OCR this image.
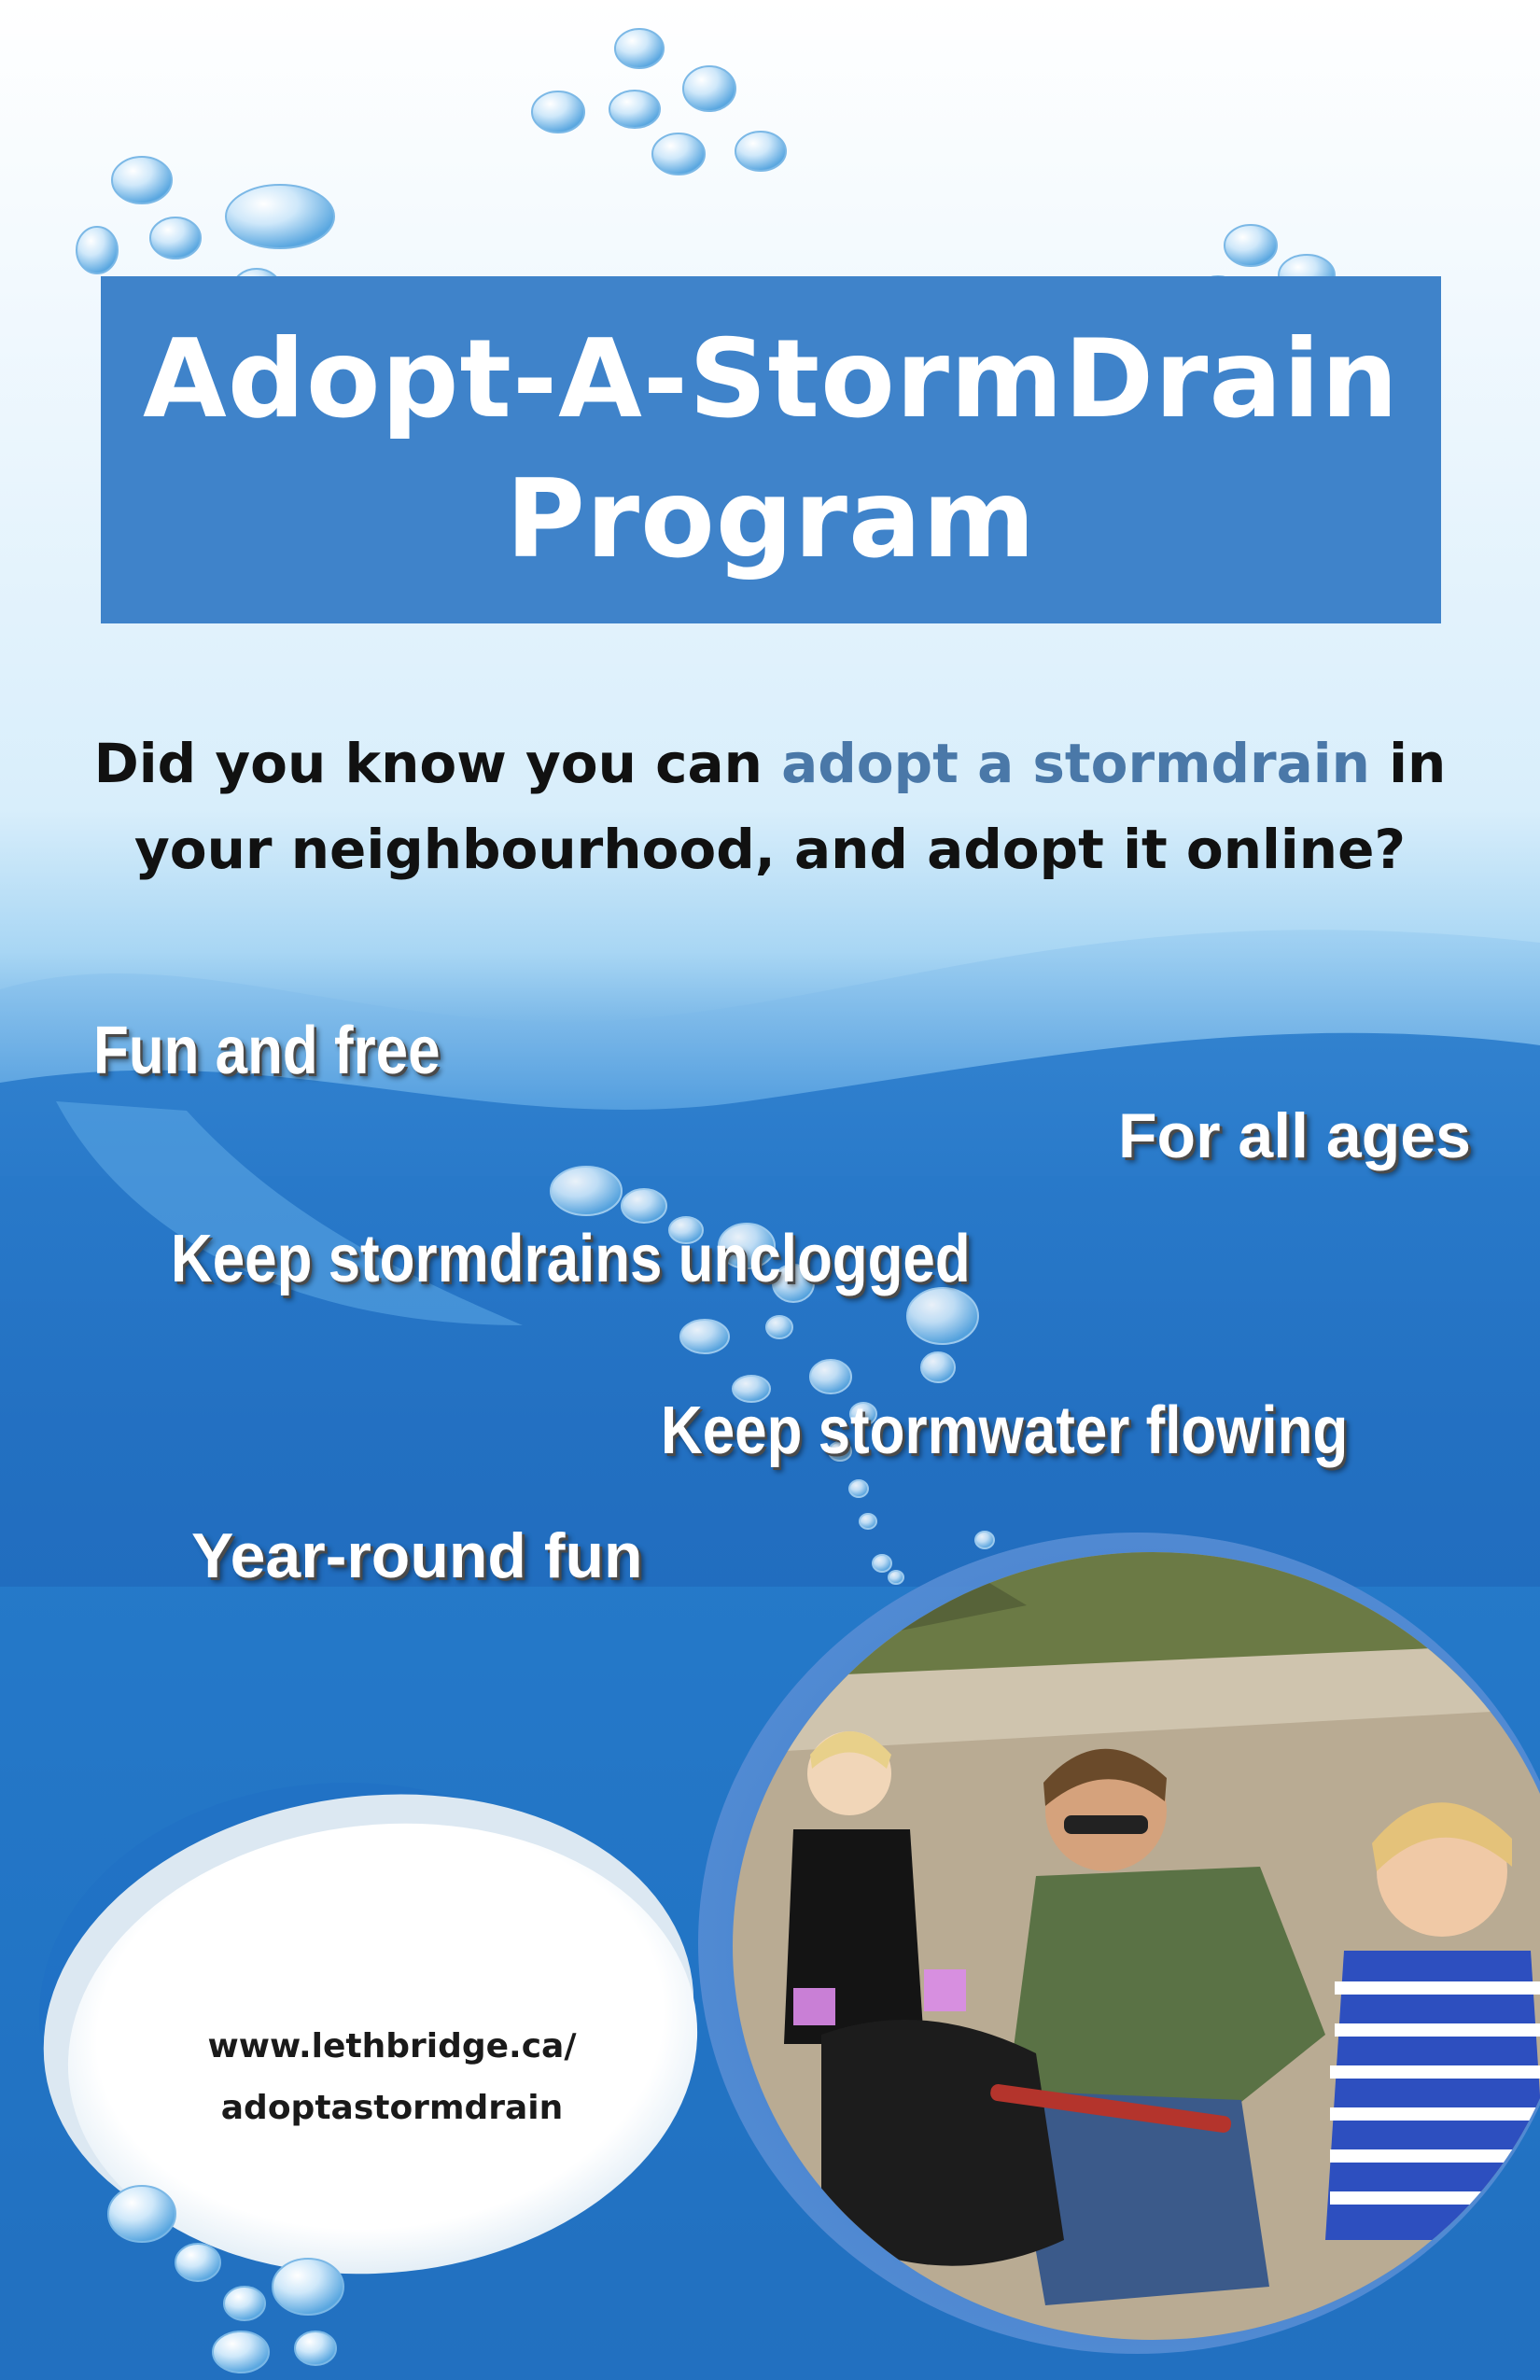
Adopt-A-StormDrain
Program
Did you know you can adopt a stormdrain in
your neighbourhood, and adopt it online?
Fun and free
For all ages
Keep stormdrains unclogged
Keep stormwater flowing
Year-round fun
www.lethbridge.ca/
adoptastormdrain
